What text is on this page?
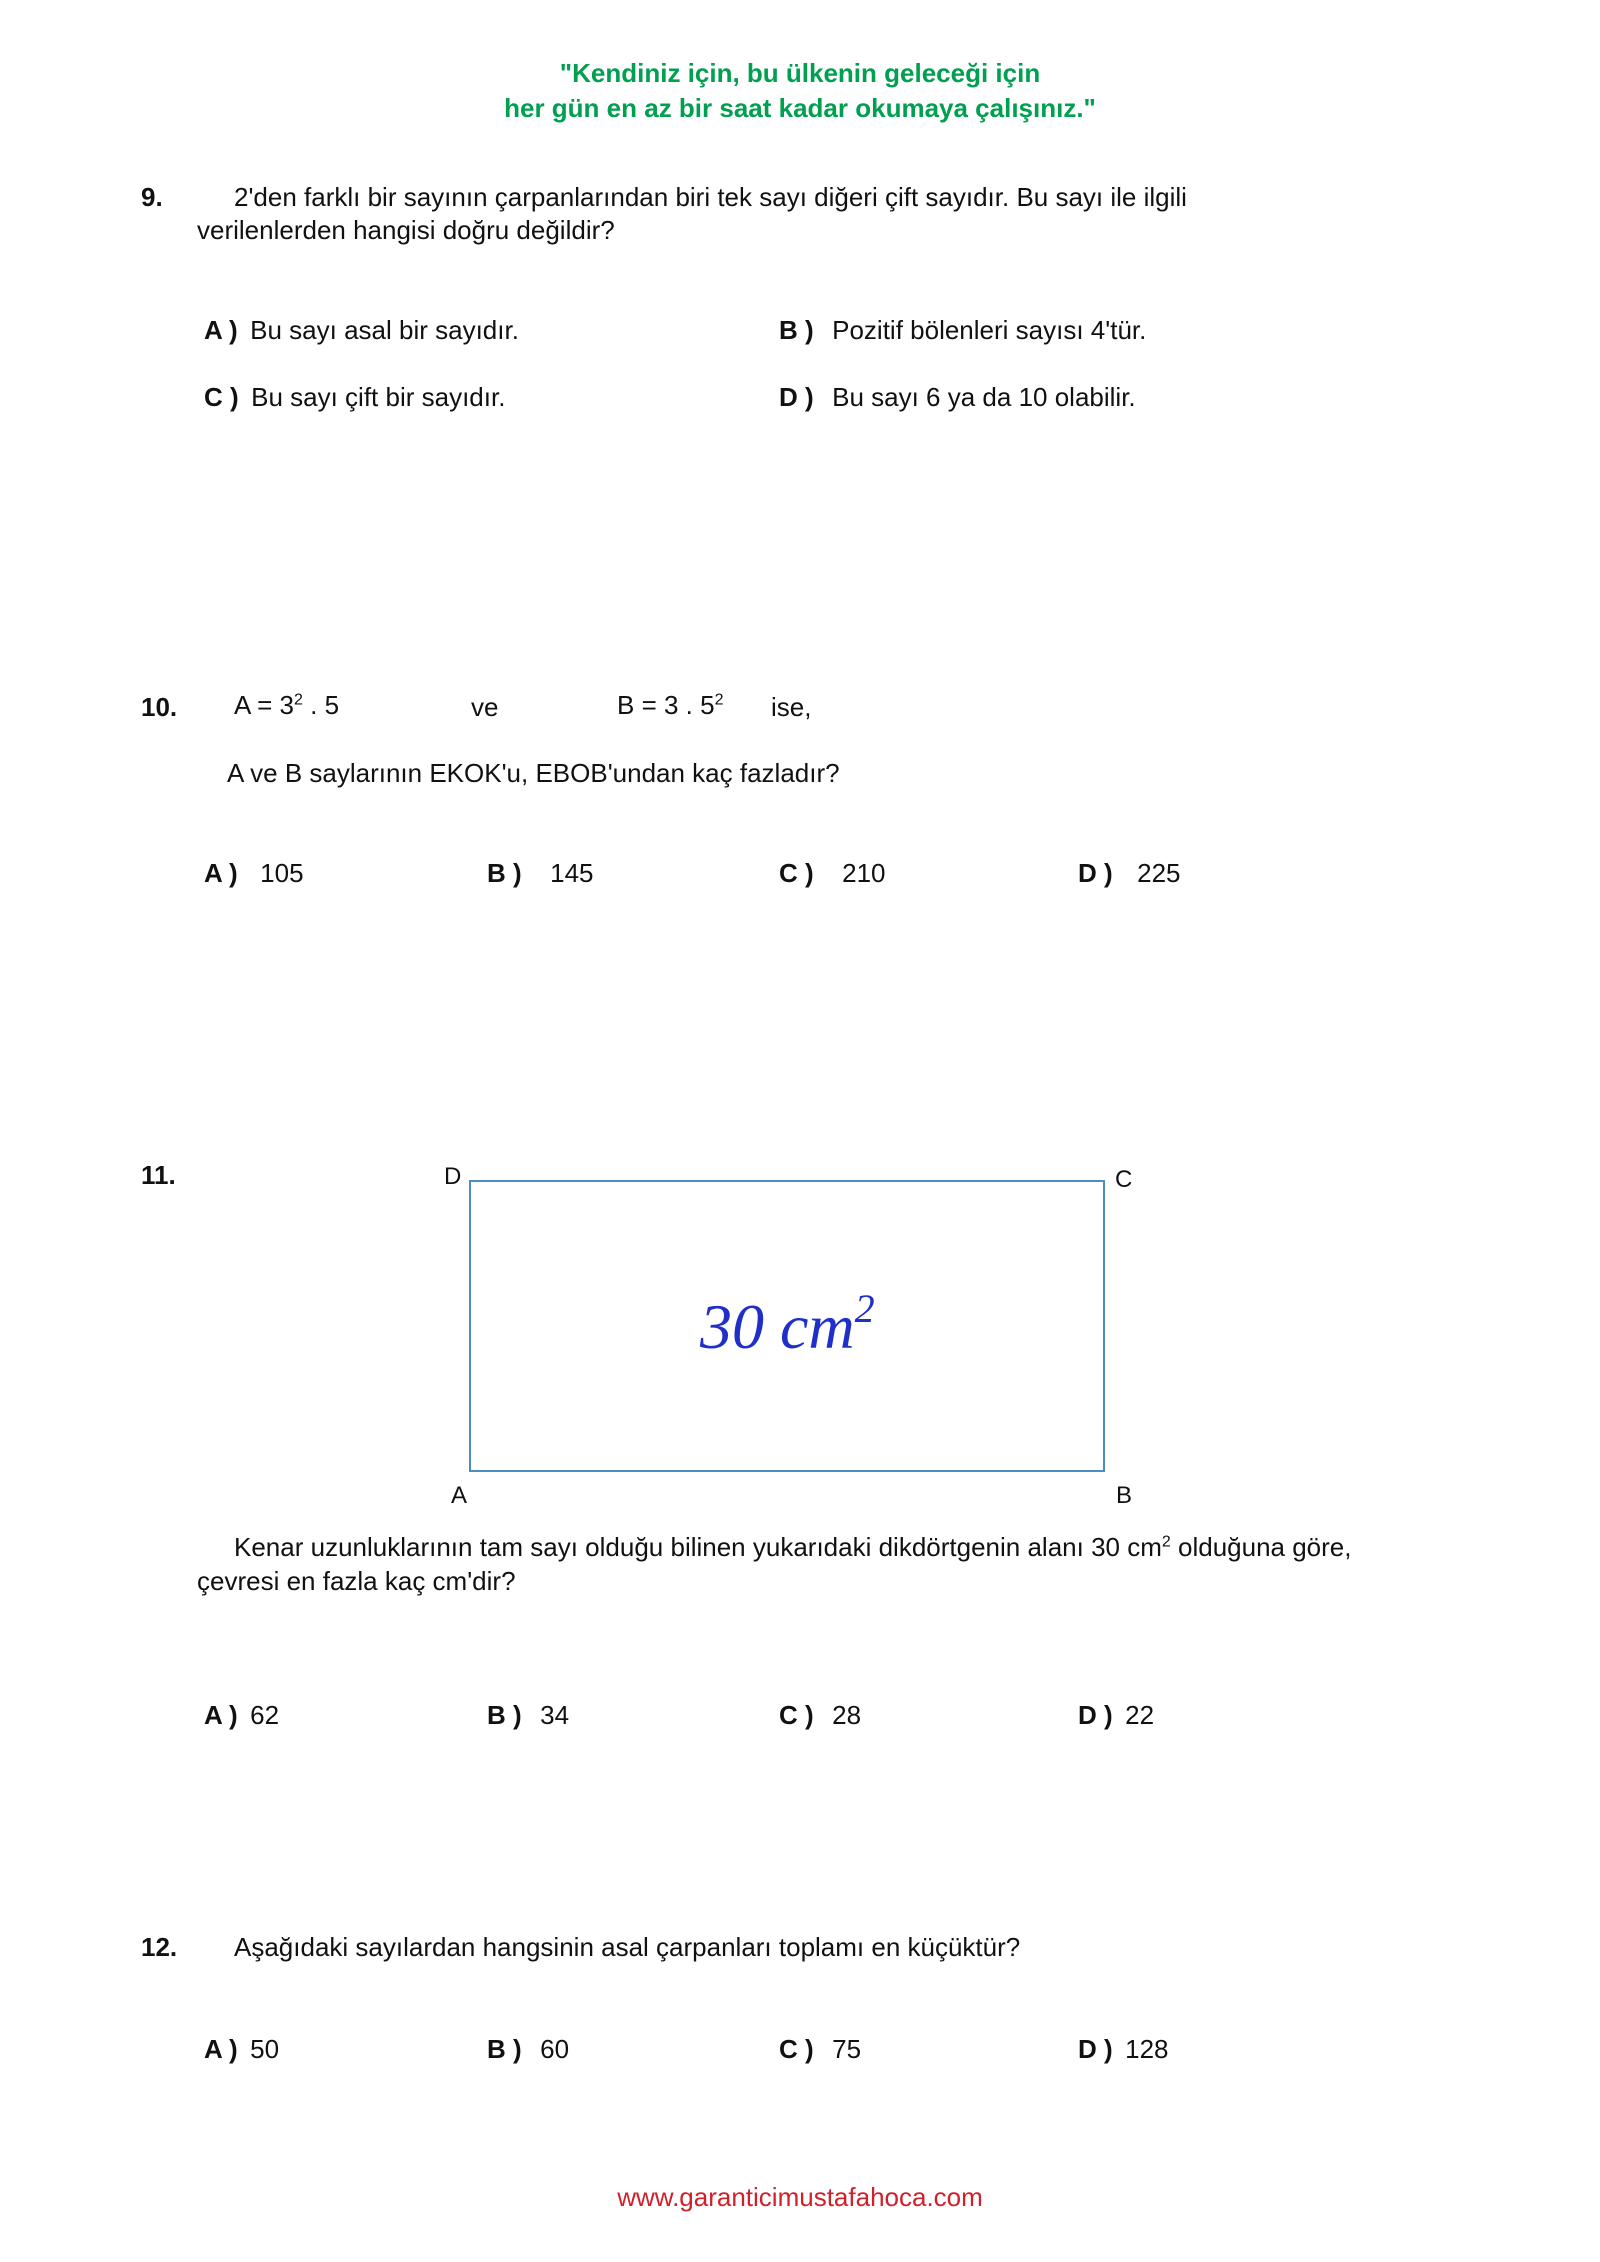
"Kendiniz için, bu ülkenin geleceği için
her gün en az bir saat kadar okumaya çalışınız."
9.	2'den farklı bir sayının çarpanlarından biri tek sayı diğeri çift sayıdır. Bu sayı ile ilgili
verilenlerden hangisi doğru değildir?
A ) Bu sayı asal bir sayıdır.	B ) Pozitif bölenleri sayısı 4'tür.
C ) Bu sayı çift bir sayıdır.	D ) Bu sayı 6 ya da 10 olabilir.
10. $A = 3^2$ . 5	ve	B = 3 . $5^2$ ise,
A ve B saylarının EKOK'u, EBOB'undan kaç fazladır?
A ) 105	B ) 145	C ) 210	D ) 225
11.	D	C
30 $cm^2$
A	B
Kenar uzunluklarının tam sayı olduğu bilinen yukarıdaki dikdörtgenin alanı 30 $cm^2$ olduğuna göre,
çevresi en fazla kaç cm'dir?
A ) 62	B ) 34	C ) 28	D ) 22
12. Aşağıdaki sayılardan hangsinin asal çarpanları toplamı en küçüktür?
A ) 50	B ) 60	C ) 75	D ) 128
www.garanticimustafahoca.com
